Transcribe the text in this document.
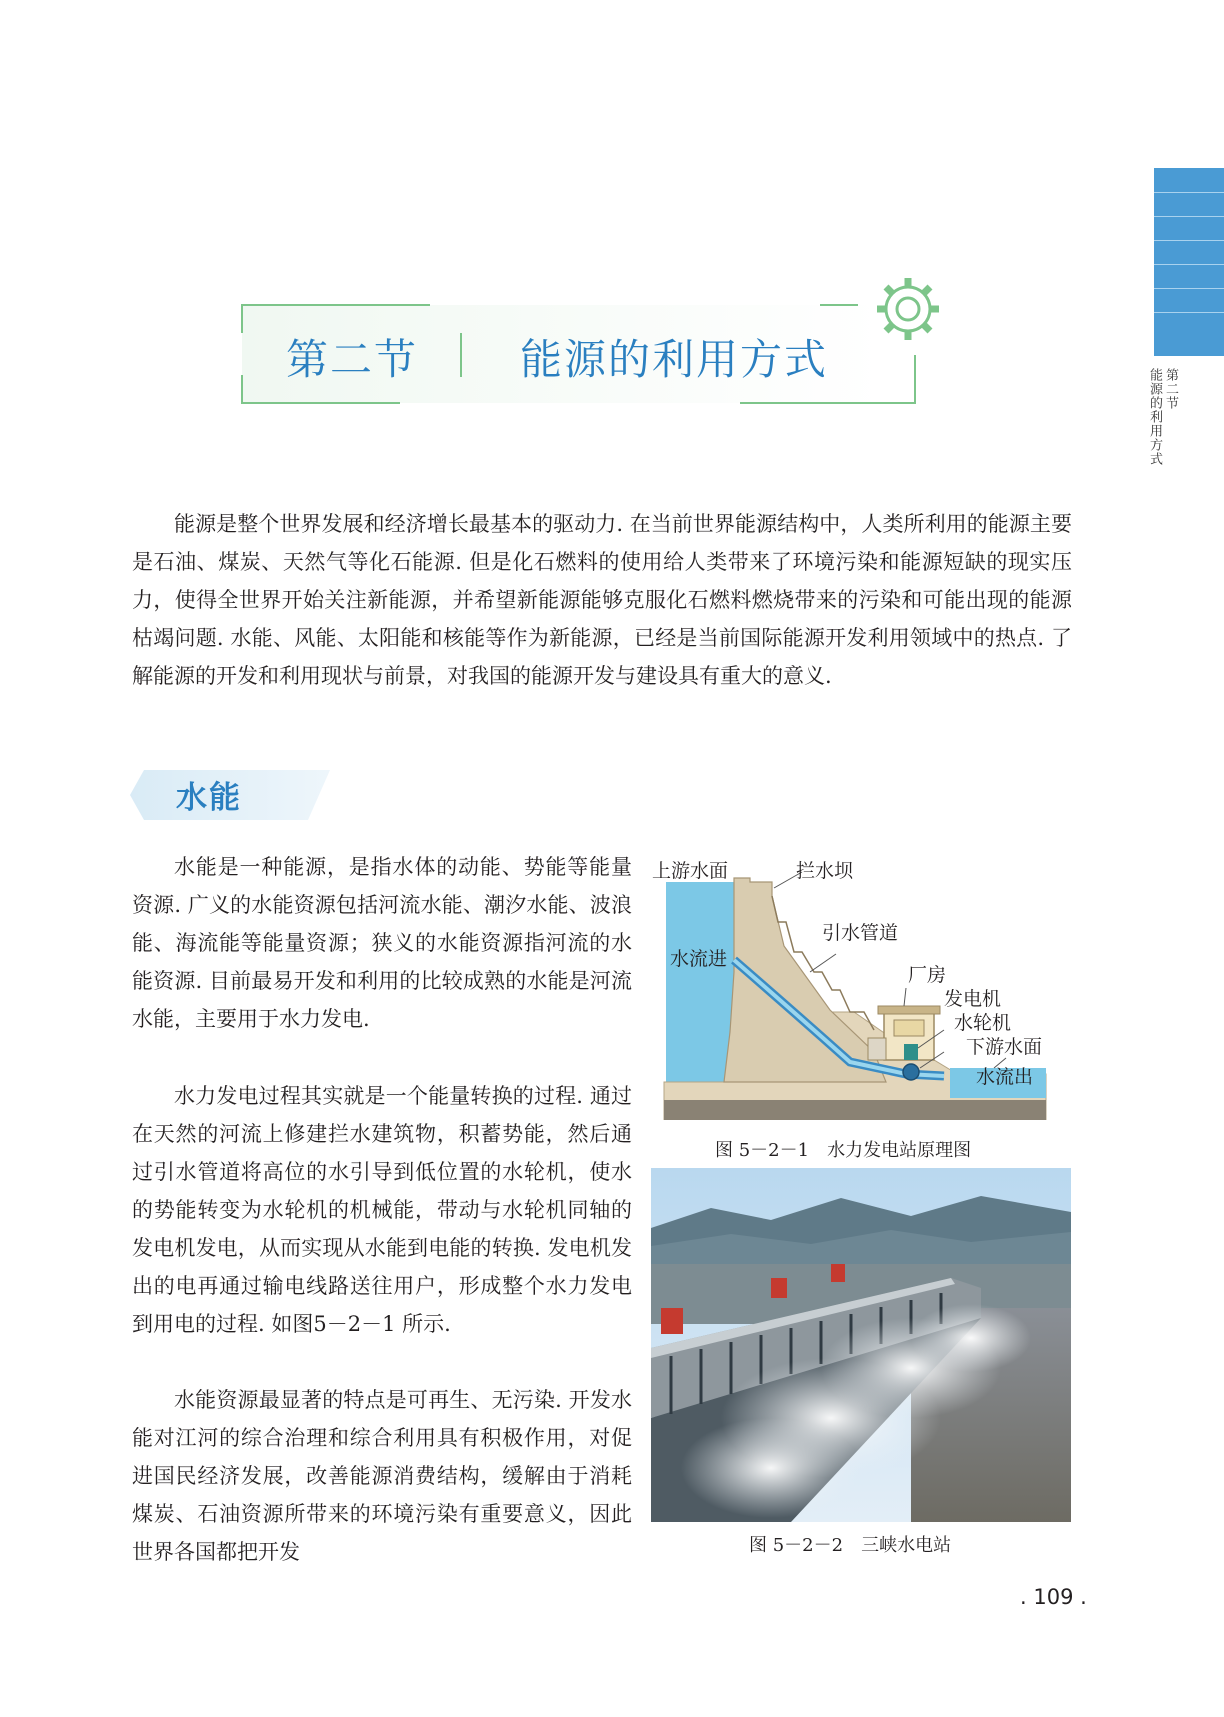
第二节
能源的利用方式
第二节 能源的利用方式

能源是整个世界发展和经济增长最基本的驱动力. 在当前世界能源结构中，人类所利用的能源主要是石油、煤炭、天然气等化石能源. 但是化石燃料的使用给人类带来了环境污染和能源短缺的现实压力，使得全世界开始关注新能源，并希望新能源能够克服化石燃料燃烧带来的污染和可能出现的能源枯竭问题. 水能、风能、太阳能和核能等作为新能源，已经是当前国际能源开发利用领域中的热点. 了解能源的开发和利用现状与前景，对我国的能源开发与建设具有重大的意义.

水能

水能是一种能源，是指水体的动能、势能等能量资源. 广义的水能资源包括河流水能、潮汐水能、波浪能、海流能等能量资源；狭义的水能资源指河流的水能资源. 目前最易开发和利用的比较成熟的水能是河流水能，主要用于水力发电.

水力发电过程其实就是一个能量转换的过程. 通过在天然的河流上修建拦水建筑物，积蓄势能，然后通过引水管道将高位的水引导到低位置的水轮机，使水的势能转变为水轮机的机械能，带动与水轮机同轴的发电机发电，从而实现从水能到电能的转换. 发电机发出的电再通过输电线路送往用户，形成整个水力发电到用电的过程. 如图5－2－1 所示.

水能资源最显著的特点是可再生、无污染. 开发水能对江河的综合治理和综合利用具有积极作用，对促进国民经济发展，改善能源消费结构，缓解由于消耗煤炭、石油资源所带来的环境污染有重要意义，因此世界各国都把开发

上游水面	拦水坝
引水管道
水流进
厂房
发电机
水轮机
下游水面
水流出
图 5－2－1　水力发电站原理图
图 5－2－2　三峡水电站
. 109 .
